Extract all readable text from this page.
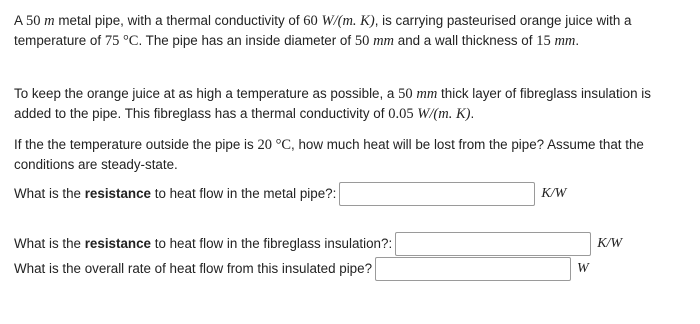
A 50 m metal pipe, with a thermal conductivity of 60 W/(m. K), is carrying pasteurised orange juice with a temperature of 75 °C. The pipe has an inside diameter of 50 mm and a wall thickness of 15 mm.

To keep the orange juice at as high a temperature as possible, a 50 mm thick layer of fibreglass insulation is added to the pipe. This fibreglass has a thermal conductivity of 0.05 W/(m. K).

If the the temperature outside the pipe is 20 °C, how much heat will be lost from the pipe? Assume that the conditions are steady-state.

What is the resistance to heat flow in the metal pipe?:	K/W
What is the resistance to heat flow in the fibreglass insulation?:	K/W
What is the overall rate of heat flow from this insulated pipe?	W
